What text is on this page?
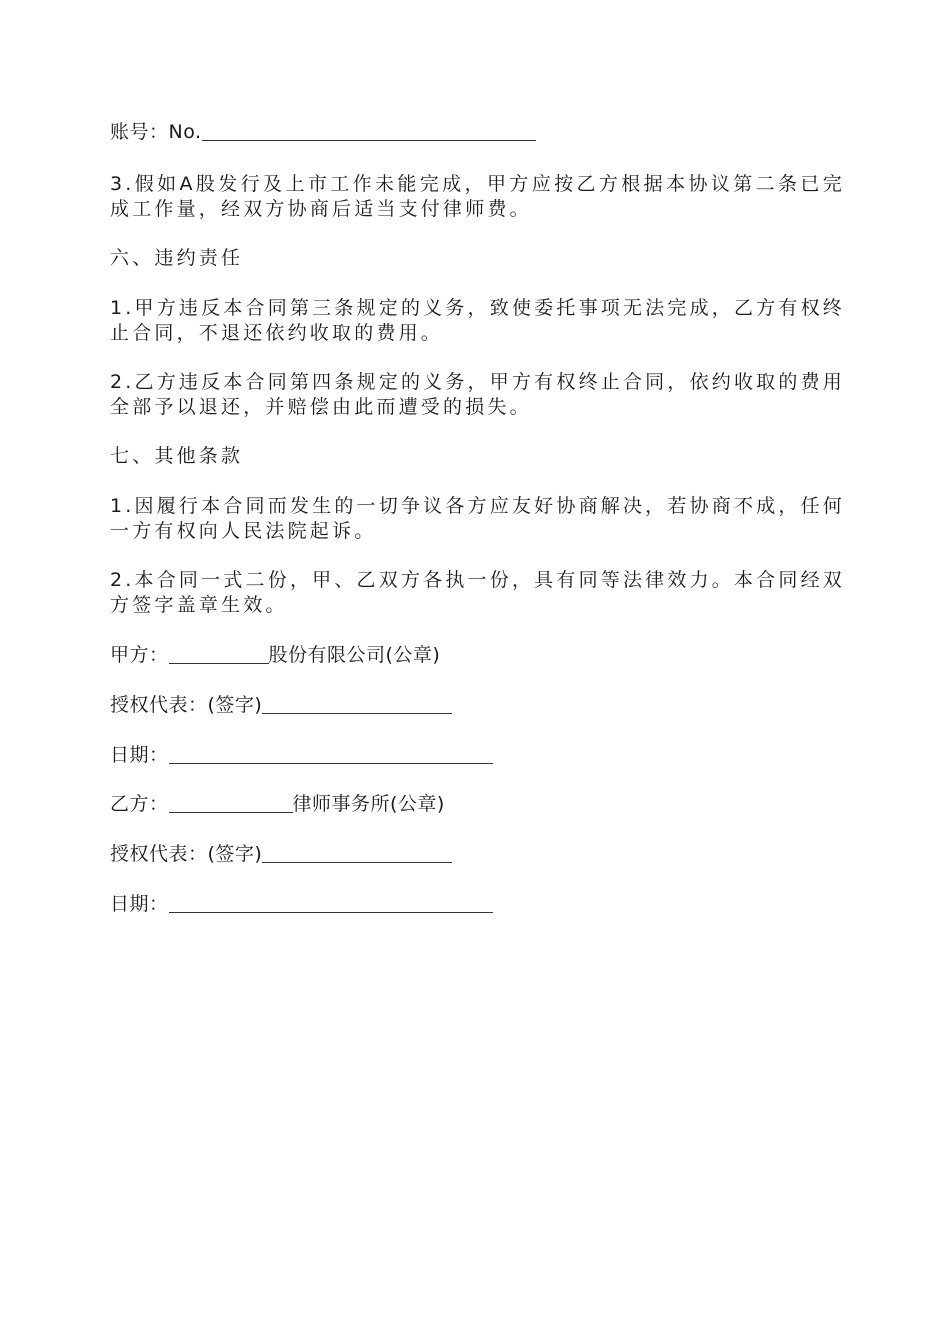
账号：No.
3.假如A股发行及上市工作未能完成，甲方应按乙方根据本协议第二条已完成工作量，经双方协商后适当支付律师费。
六、违约责任
1.甲方违反本合同第三条规定的义务，致使委托事项无法完成，乙方有权终止合同，不退还依约收取的费用。
2.乙方违反本合同第四条规定的义务，甲方有权终止合同，依约收取的费用全部予以退还，并赔偿由此而遭受的损失。
七、其他条款
1.因履行本合同而发生的一切争议各方应友好协商解决，若协商不成，任何一方有权向人民法院起诉。
2.本合同一式二份，甲、乙双方各执一份，具有同等法律效力。本合同经双方签字盖章生效。
甲方：	股份有限公司(公章)
授权代表：(签字)
日期：
乙方：	律师事务所(公章)
授权代表：(签字)
日期：
